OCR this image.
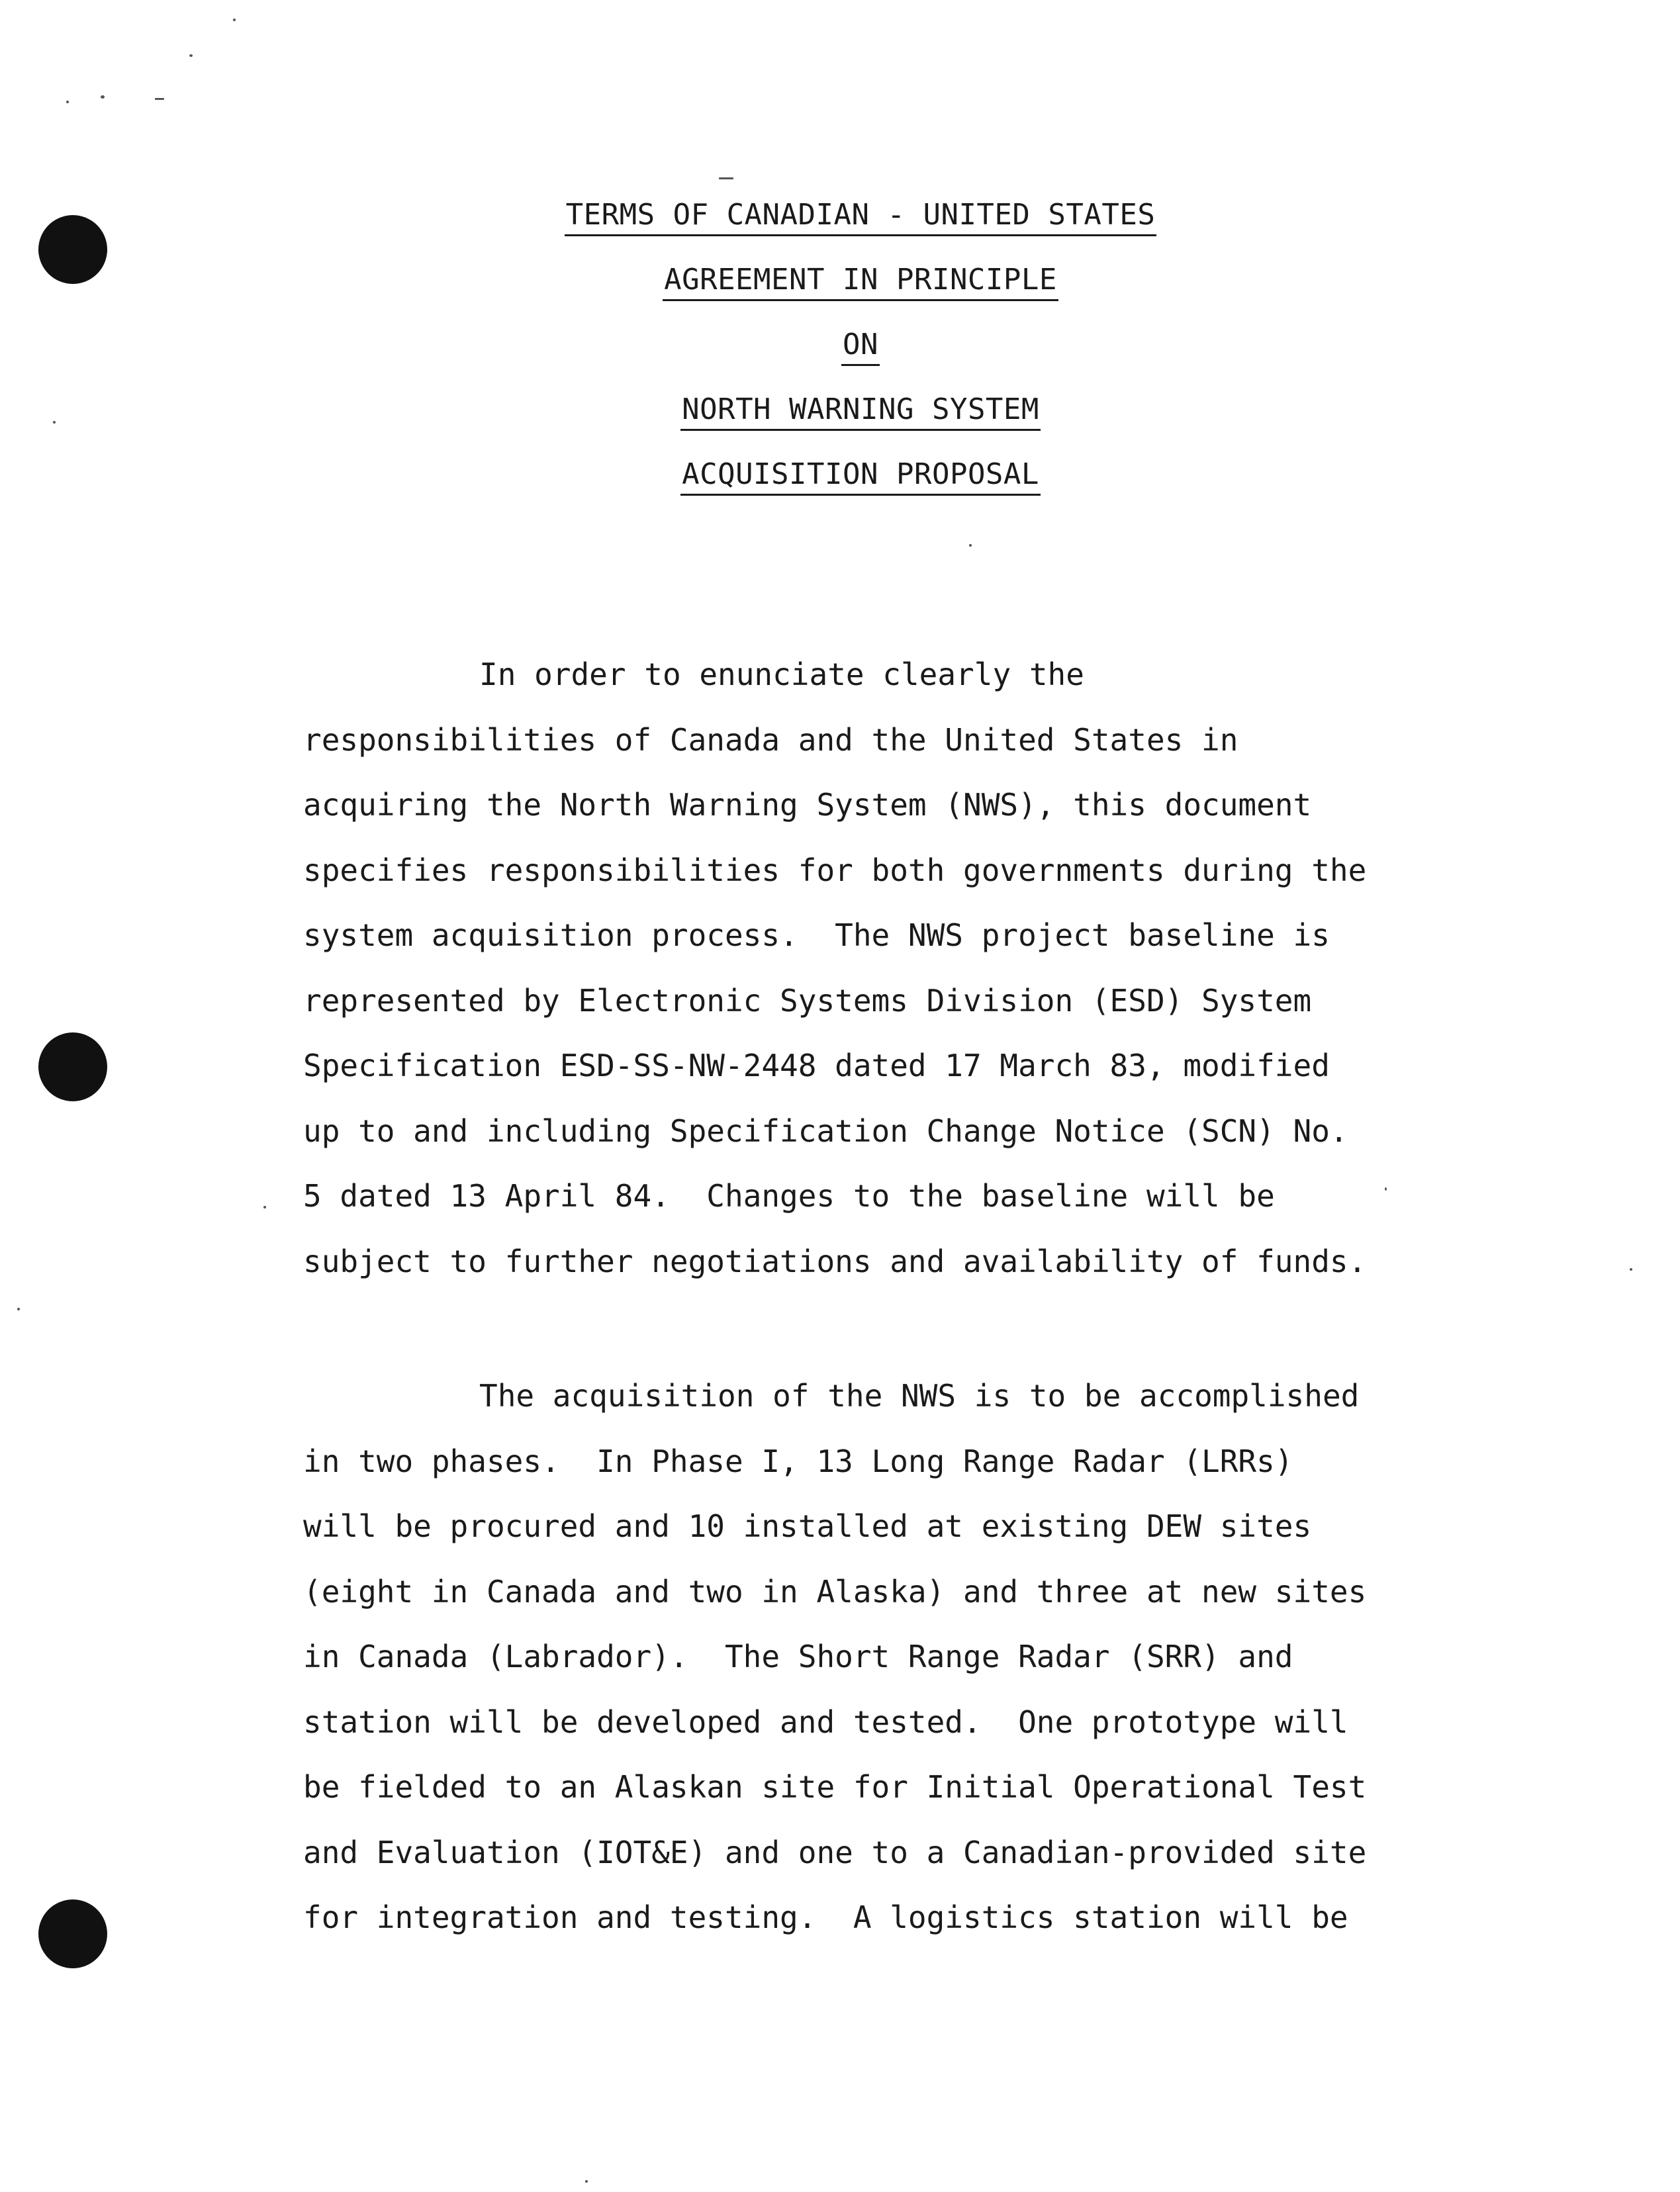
TERMS OF CANADIAN - UNITED STATES
AGREEMENT IN PRINCIPLE
ON
NORTH WARNING SYSTEM
ACQUISITION PROPOSAL
In order to enunciate clearly the
responsibilities of Canada and the United States in
acquiring the North Warning System (NWS), this document
specifies responsibilities for both governments during the
system acquisition process.  The NWS project baseline is
represented by Electronic Systems Division (ESD) System
Specification ESD-SS-NW-2448 dated 17 March 83, modified
up to and including Specification Change Notice (SCN) No.
5 dated 13 April 84.  Changes to the baseline will be
subject to further negotiations and availability of funds.
The acquisition of the NWS is to be accomplished
in two phases.  In Phase I, 13 Long Range Radar (LRRs)
will be procured and 10 installed at existing DEW sites
(eight in Canada and two in Alaska) and three at new sites
in Canada (Labrador).  The Short Range Radar (SRR) and
station will be developed and tested.  One prototype will
be fielded to an Alaskan site for Initial Operational Test
and Evaluation (IOT&E) and one to a Canadian-provided site
for integration and testing.  A logistics station will be
